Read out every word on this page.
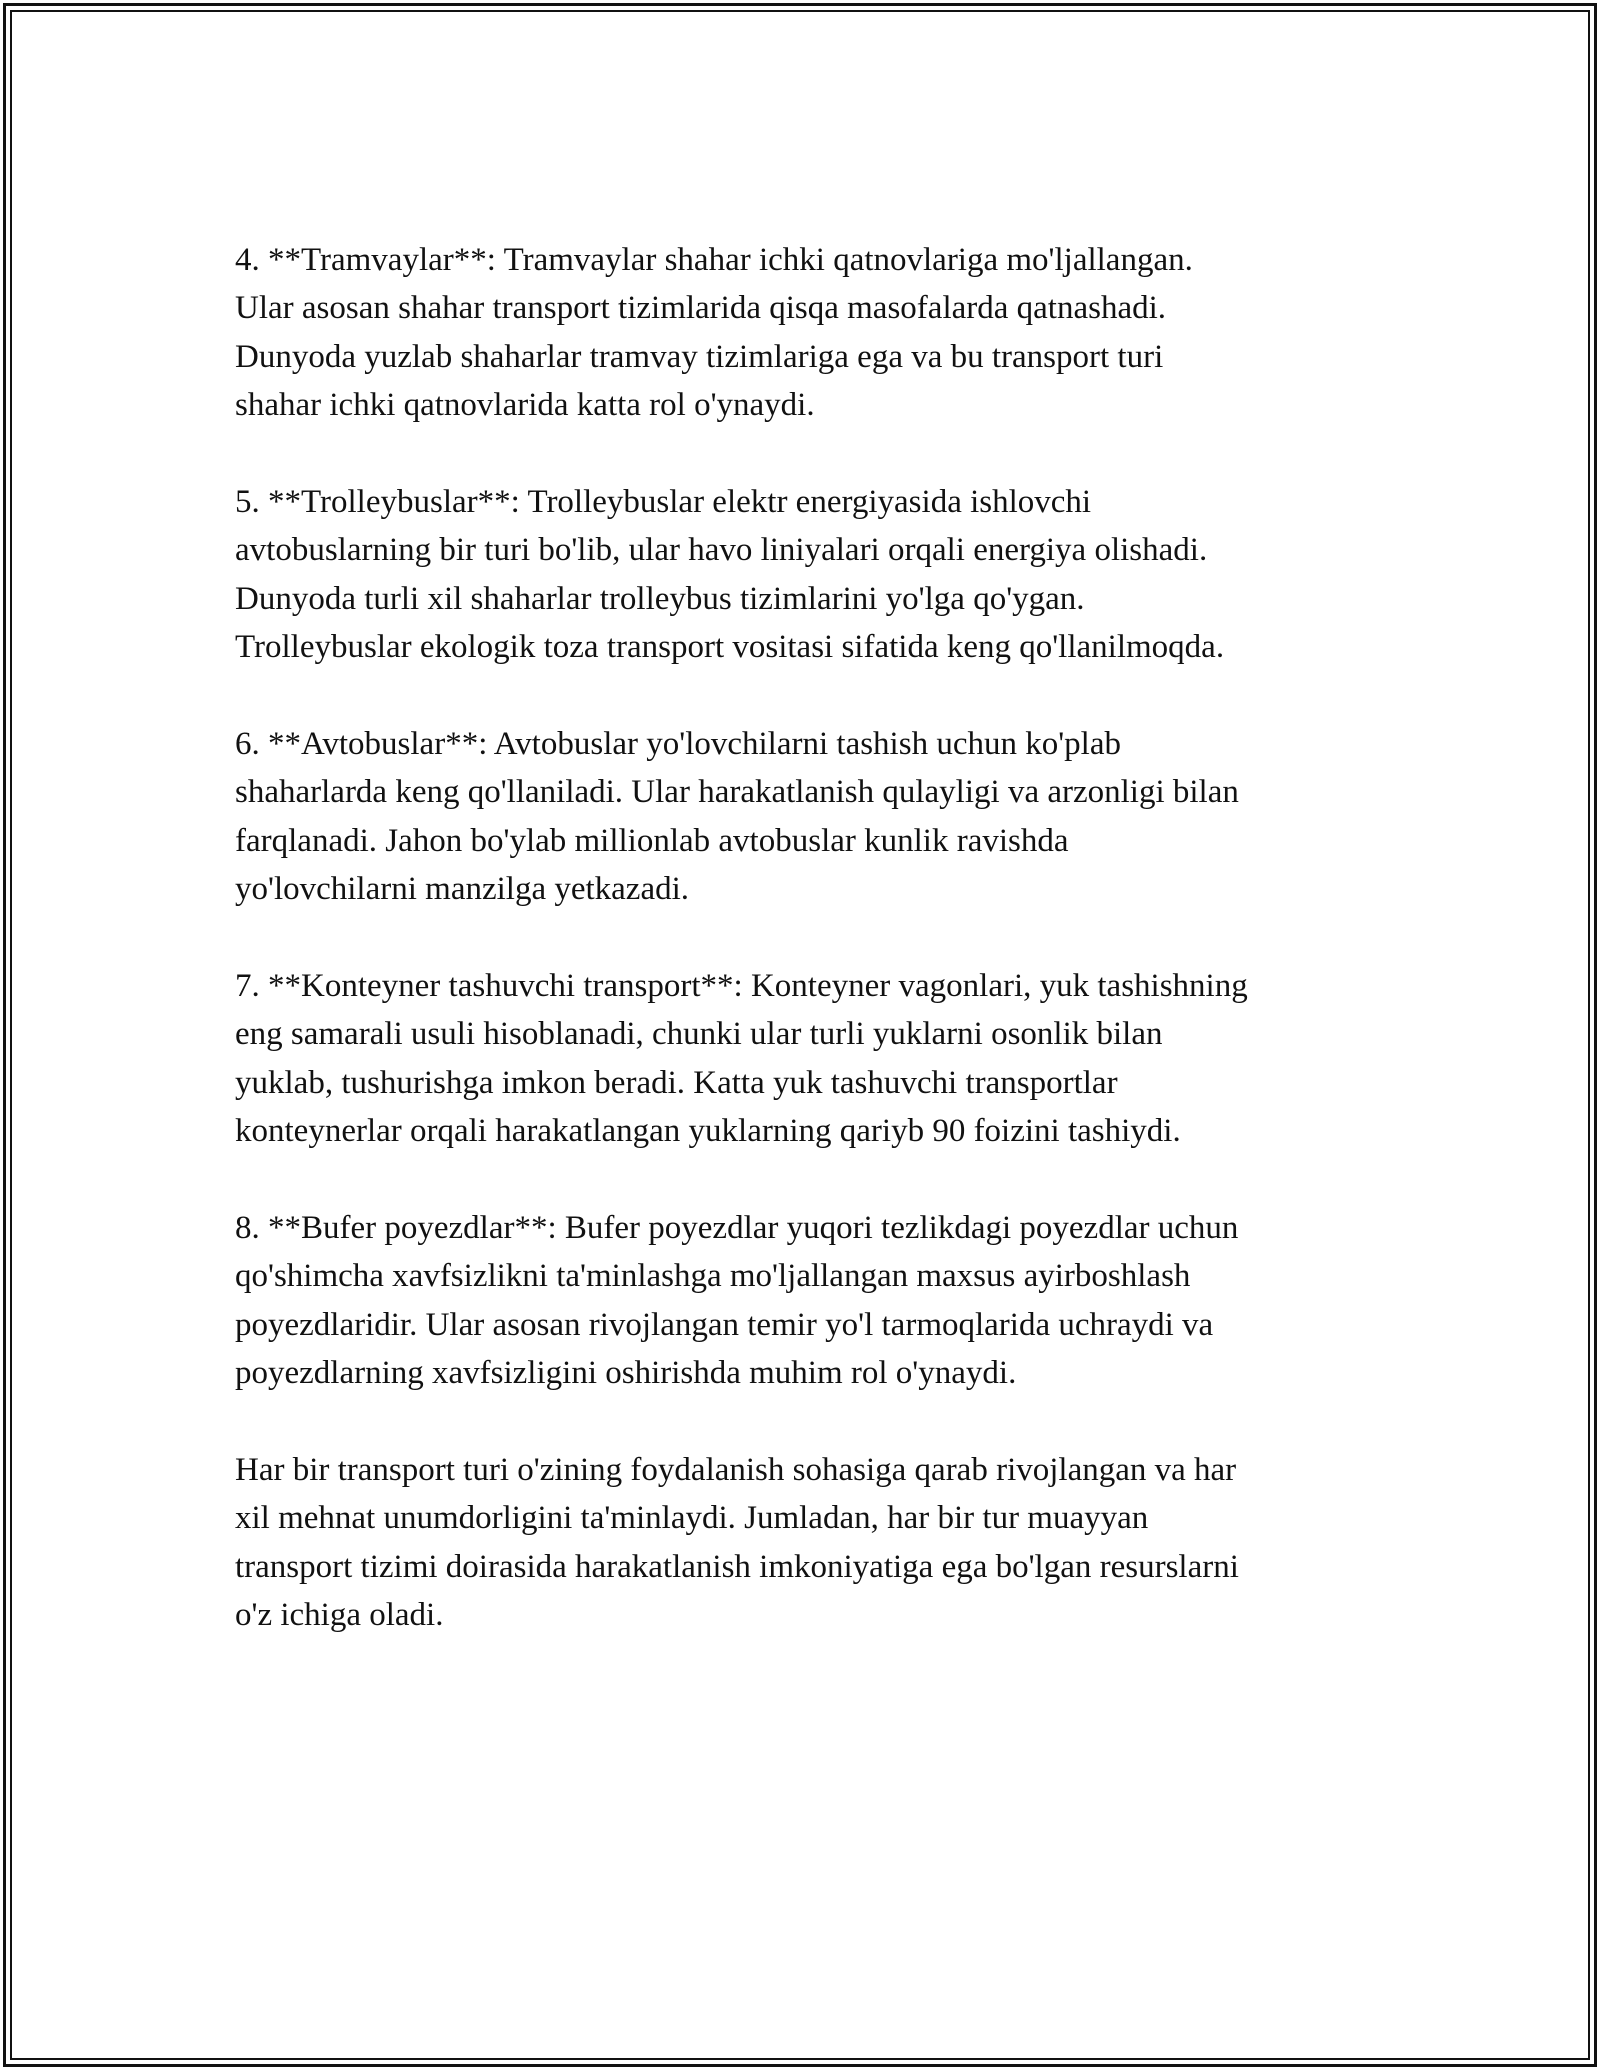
4. **Tramvaylar**: Tramvaylar shahar ichki qatnovlariga mo'ljallangan.
Ular asosan shahar transport tizimlarida qisqa masofalarda qatnashadi.
Dunyoda yuzlab shaharlar tramvay tizimlariga ega va bu transport turi
shahar ichki qatnovlarida katta rol o'ynaydi.

5. **Trolleybuslar**: Trolleybuslar elektr energiyasida ishlovchi
avtobuslarning bir turi bo'lib, ular havo liniyalari orqali energiya olishadi.
Dunyoda turli xil shaharlar trolleybus tizimlarini yo'lga qo'ygan.
Trolleybuslar ekologik toza transport vositasi sifatida keng qo'llanilmoqda.

6. **Avtobuslar**: Avtobuslar yo'lovchilarni tashish uchun ko'plab
shaharlarda keng qo'llaniladi. Ular harakatlanish qulayligi va arzonligi bilan
farqlanadi. Jahon bo'ylab millionlab avtobuslar kunlik ravishda
yo'lovchilarni manzilga yetkazadi.

7. **Konteyner tashuvchi transport**: Konteyner vagonlari, yuk tashishning
eng samarali usuli hisoblanadi, chunki ular turli yuklarni osonlik bilan
yuklab, tushurishga imkon beradi. Katta yuk tashuvchi transportlar
konteynerlar orqali harakatlangan yuklarning qariyb 90 foizini tashiydi.

8. **Bufer poyezdlar**: Bufer poyezdlar yuqori tezlikdagi poyezdlar uchun
qo'shimcha xavfsizlikni ta'minlashga mo'ljallangan maxsus ayirboshlash
poyezdlaridir. Ular asosan rivojlangan temir yo'l tarmoqlarida uchraydi va
poyezdlarning xavfsizligini oshirishda muhim rol o'ynaydi.

Har bir transport turi o'zining foydalanish sohasiga qarab rivojlangan va har
xil mehnat unumdorligini ta'minlaydi. Jumladan, har bir tur muayyan
transport tizimi doirasida harakatlanish imkoniyatiga ega bo'lgan resurslarni
o'z ichiga oladi.
